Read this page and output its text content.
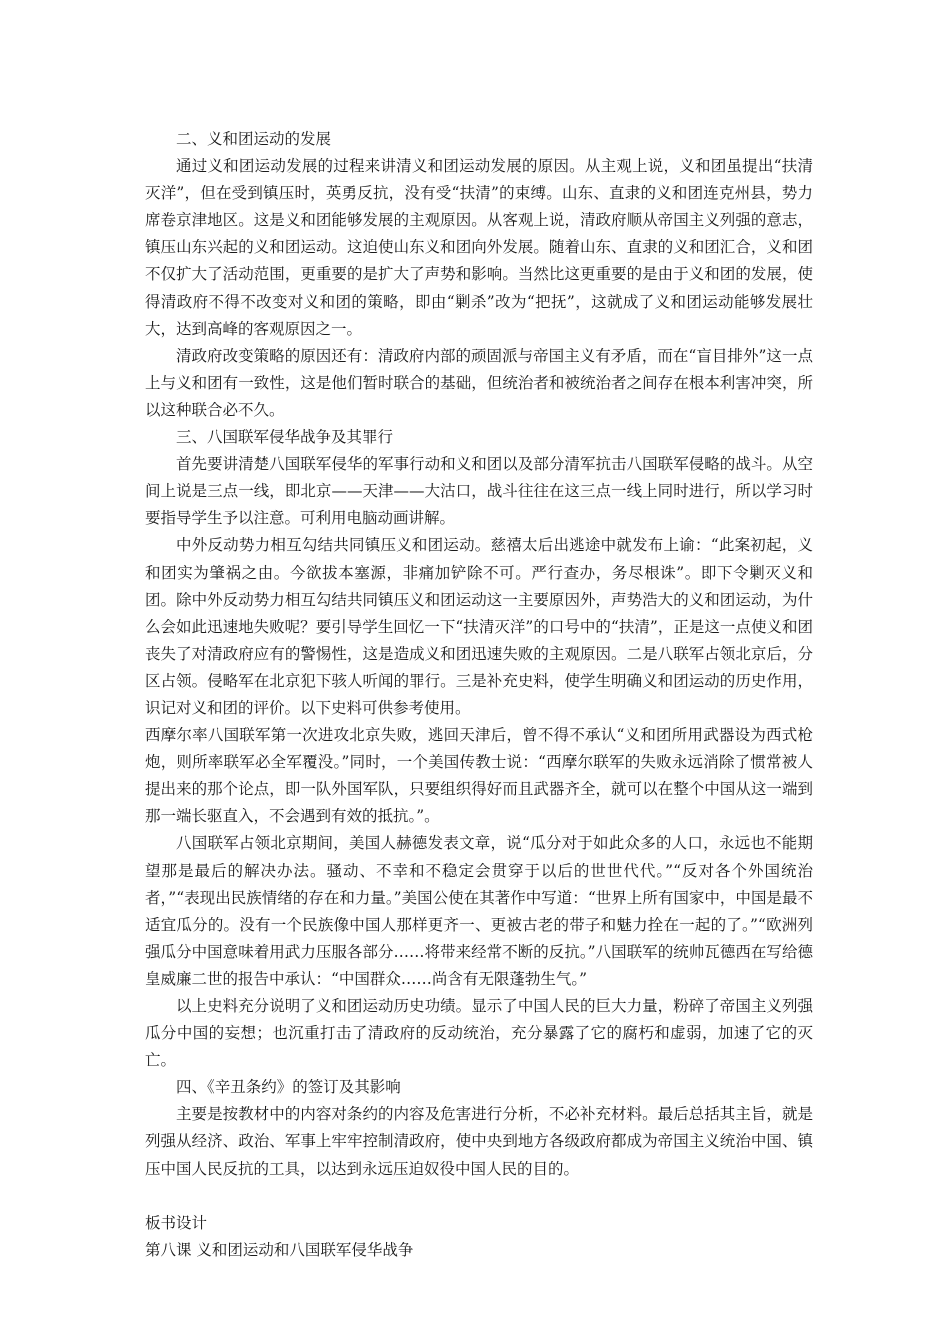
二、义和团运动的发展

通过义和团运动发展的过程来讲清义和团运动发展的原因。从主观上说，义和团虽提出“扶清灭洋”，但在受到镇压时，英勇反抗，没有受“扶清”的束缚。山东、直隶的义和团连克州县，势力席卷京津地区。这是义和团能够发展的主观原因。从客观上说，清政府顺从帝国主义列强的意志，镇压山东兴起的义和团运动。这迫使山东义和团向外发展。随着山东、直隶的义和团汇合，义和团不仅扩大了活动范围，更重要的是扩大了声势和影响。当然比这更重要的是由于义和团的发展，使得清政府不得不改变对义和团的策略，即由“剿杀”改为“把抚”，这就成了义和团运动能够发展壮大，达到高峰的客观原因之一。

清政府改变策略的原因还有：清政府内部的顽固派与帝国主义有矛盾，而在“盲目排外”这一点上与义和团有一致性，这是他们暂时联合的基础，但统治者和被统治者之间存在根本利害冲突，所以这种联合必不久。

三、八国联军侵华战争及其罪行

首先要讲清楚八国联军侵华的军事行动和义和团以及部分清军抗击八国联军侵略的战斗。从空间上说是三点一线，即北京——天津——大沽口，战斗往往在这三点一线上同时进行，所以学习时要指导学生予以注意。可利用电脑动画讲解。

中外反动势力相互勾结共同镇压义和团运动。慈禧太后出逃途中就发布上谕：“此案初起，义和团实为肇祸之由。今欲拔本塞源，非痛加铲除不可。严行查办，务尽根诛”。即下令剿灭义和团。除中外反动势力相互勾结共同镇压义和团运动这一主要原因外，声势浩大的义和团运动，为什么会如此迅速地失败呢？要引导学生回忆一下“扶清灭洋”的口号中的“扶清”，正是这一点使义和团丧失了对清政府应有的警惕性，这是造成义和团迅速失败的主观原因。二是八联军占领北京后，分区占领。侵略军在北京犯下骇人听闻的罪行。三是补充史料，使学生明确义和团运动的历史作用，识记对义和团的评价。以下史料可供参考使用。

西摩尔率八国联军第一次进攻北京失败，逃回天津后，曾不得不承认“义和团所用武器设为西式枪炮，则所率联军必全军覆没。”同时，一个美国传教士说：“西摩尔联军的失败永远消除了惯常被人提出来的那个论点，即一队外国军队，只要组织得好而且武器齐全，就可以在整个中国从这一端到那一端长驱直入，不会遇到有效的抵抗。”。

八国联军占领北京期间，美国人赫德发表文章，说“瓜分对于如此众多的人口，永远也不能期望那是最后的解决办法。骚动、不幸和不稳定会贯穿于以后的世世代代。”“反对各个外国统治者，”“表现出民族情绪的存在和力量。”美国公使在其著作中写道：“世界上所有国家中，中国是最不适宜瓜分的。没有一个民族像中国人那样更齐一、更被古老的带子和魅力拴在一起的了。”“欧洲列强瓜分中国意味着用武力压服各部分……将带来经常不断的反抗。”八国联军的统帅瓦德西在写给德皇威廉二世的报告中承认：“中国群众……尚含有无限蓬勃生气。”

以上史料充分说明了义和团运动历史功绩。显示了中国人民的巨大力量，粉碎了帝国主义列强瓜分中国的妄想；也沉重打击了清政府的反动统治，充分暴露了它的腐朽和虚弱，加速了它的灭亡。

四、《辛丑条约》的签订及其影响

主要是按教材中的内容对条约的内容及危害进行分析，不必补充材料。最后总括其主旨，就是列强从经济、政治、军事上牢牢控制清政府，使中央到地方各级政府都成为帝国主义统治中国、镇压中国人民反抗的工具，以达到永远压迫奴役中国人民的目的。

板书设计

第八课 义和团运动和八国联军侵华战争
